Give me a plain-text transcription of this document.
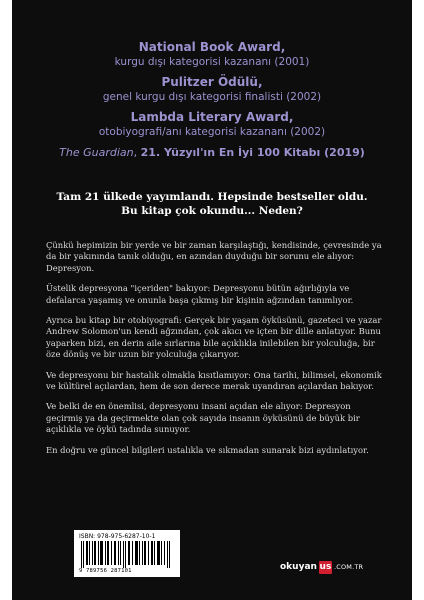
National Book Award,
kurgu dışı kategorisi kazananı (2001)
Pulitzer Ödülü,
genel kurgu dışı kategorisi finalisti (2002)
Lambda Literary Award,
otobiyografi/anı kategorisi kazananı (2002)
The Guardian, 21. Yüzyıl'ın En İyi 100 Kitabı (2019)
Tam 21 ülkede yayımlandı. Hepsinde bestseller oldu.
Bu kitap çok okundu... Neden?

Çünkü hepimizin bir yerde ve bir zaman karşılaştığı, kendisinde, çevresinde ya da bir yakınında tanık olduğu, en azından duyduğu bir sorunu ele alıyor: Depresyon.

Üstelik depresyona "içeriden" bakıyor: Depresyonu bütün ağırlığıyla ve defalarca yaşamış ve onunla başa çıkmış bir kişinin ağzından tanımlıyor.

Ayrıca bu kitap bir otobiyografi: Gerçek bir yaşam öyküsünü, gazeteci ve yazar Andrew Solomon'un kendi ağzından, çok akıcı ve içten bir dille anlatıyor. Bunu yaparken bizi, en derin aile sırlarına bile açıklıkla inilebilen bir yolculuğa, bir öze dönüş ve bir uzun bir yolculuğa çıkarıyor.

Ve depresyonu bir hastalık olmakla kısıtlamıyor: Ona tarihi, bilimsel, ekonomik ve kültürel açılardan, hem de son derece merak uyandıran açılardan bakıyor.

Ve belki de en önemlisi, depresyonu insani açıdan ele alıyor: Depresyon geçirmiş ya da geçirmekte olan çok sayıda insanın öyküsünü de büyük bir açıklıkla ve öykü tadında sunuyor.

En doğru ve güncel bilgileri ustalıkla ve sıkmadan sunarak bizi aydınlatıyor.

ISBN: 978-975-6287-10-1
9 789756 287101	okuyan us .COM.TR
